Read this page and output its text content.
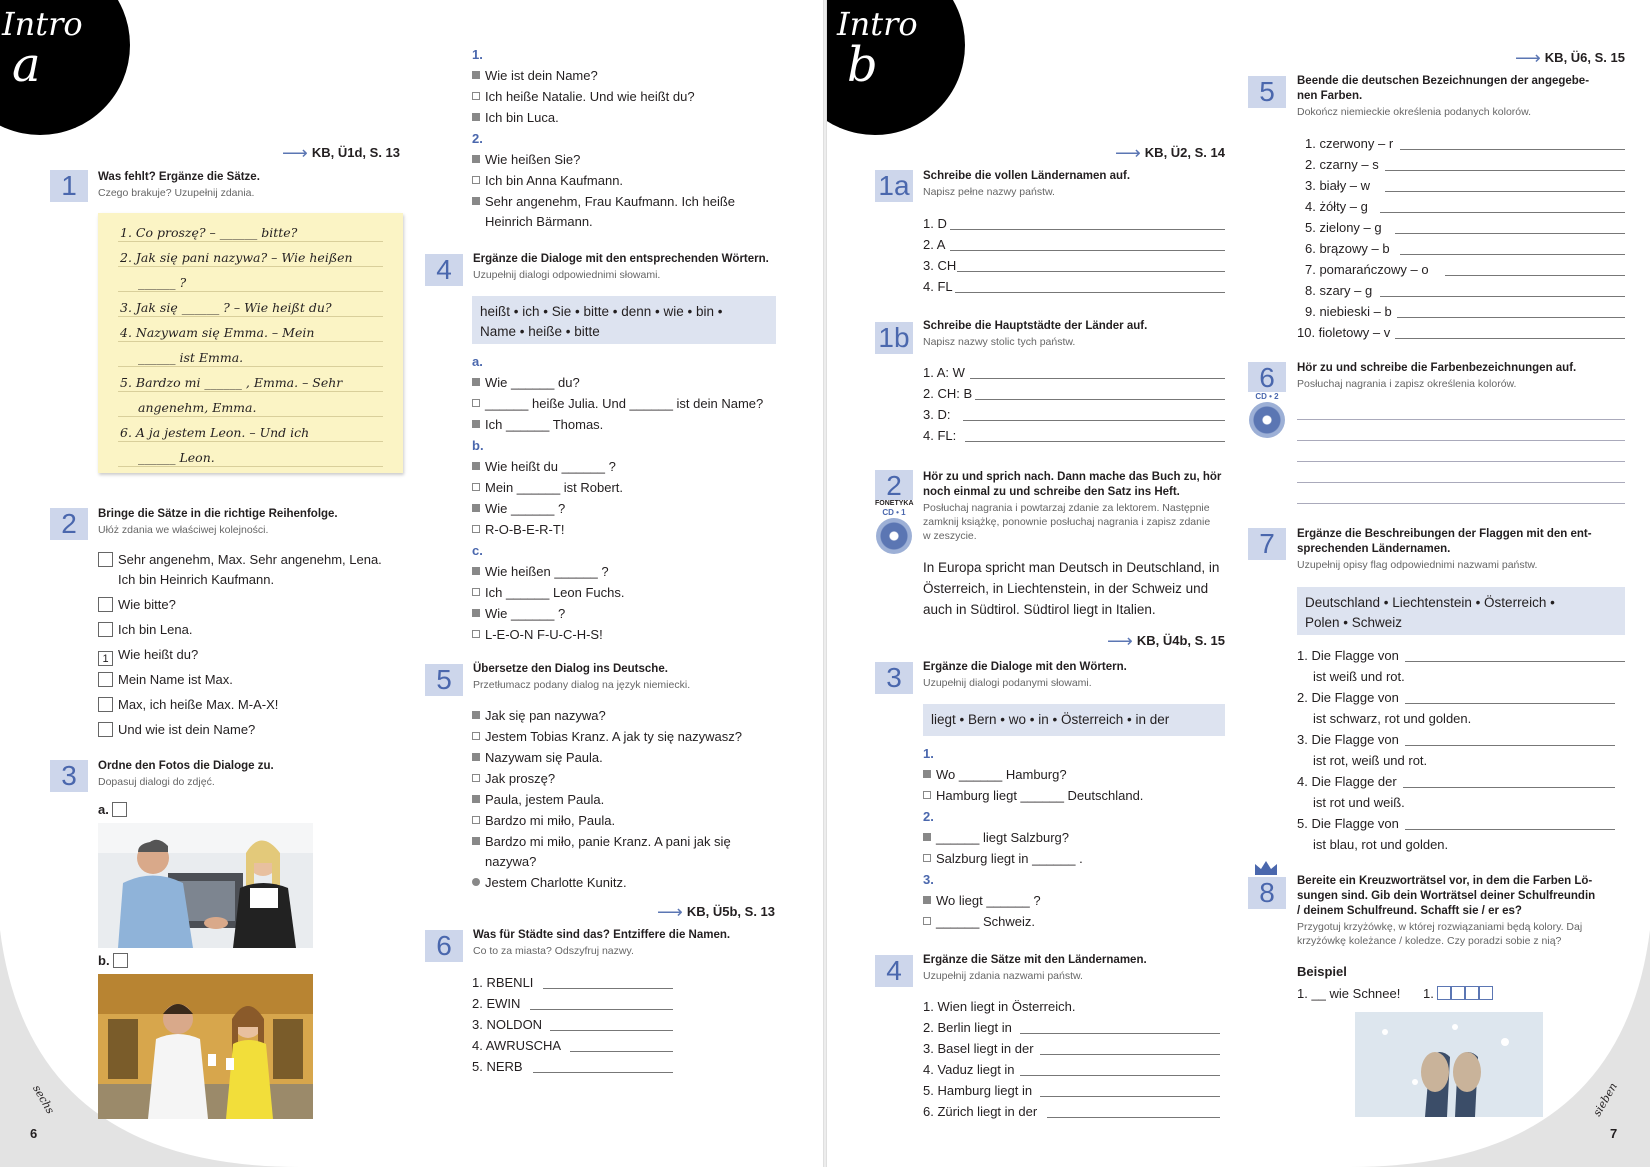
Intro
a
⟶ KB, Ü1d, S. 13
1	Was fehlt? Ergänze die Sätze.
Czego brakuje? Uzupełnij zdania.
1. Co proszę? – ______ bitte?
2. Jak się pani nazywa? – Wie heißen
______ ?
3. Jak się ______ ? – Wie heißt du?
4. Nazywam się Emma. – Mein
______ ist Emma.
5. Bardzo mi ______ , Emma. – Sehr
angenehm, Emma.
6. A ja jestem Leon. – Und ich
______ Leon.
2	Bringe die Sätze in die richtige Reihenfolge.
Ułóż zdania we właściwej kolejności.
Sehr angenehm, Max. Sehr angenehm, Lena.
Ich bin Heinrich Kaufmann.
Wie bitte?
Ich bin Lena.
1 Wie heißt du?
Mein Name ist Max.
Max, ich heiße Max. M-A-X!
Und wie ist dein Name?
3	Ordne den Fotos die Dialoge zu.
Dopasuj dialogi do zdjęć.
a.
b.
sechs
6
1.
Wie ist dein Name?
Ich heiße Natalie. Und wie heißt du?
Ich bin Luca.
2.
Wie heißen Sie?
Ich bin Anna Kaufmann.
Sehr angenehm, Frau Kaufmann. Ich heiße
Heinrich Bärmann.
4	Ergänze die Dialoge mit den entsprechenden Wörtern.
Uzupełnij dialogi odpowiednimi słowami.
heißt • ich • Sie • bitte • denn • wie • bin •
Name • heiße • bitte
a.
Wie ______ du?
______ heiße Julia. Und ______ ist dein Name?
Ich ______ Thomas.
b.
Wie heißt du ______ ?
Mein ______ ist Robert.
Wie ______ ?
R-O-B-E-R-T!
c.
Wie heißen ______ ?
Ich ______ Leon Fuchs.
Wie ______ ?
L-E-O-N F-U-C-H-S!
5	Übersetze den Dialog ins Deutsche.
Przetłumacz podany dialog na język niemiecki.
Jak się pan nazywa?
Jestem Tobias Kranz. A jak ty się nazywasz?
Nazywam się Paula.
Jak proszę?
Paula, jestem Paula.
Bardzo mi miło, Paula.
Bardzo mi miło, panie Kranz. A pani jak się
nazywa?
Jestem Charlotte Kunitz.
⟶ KB, Ü5b, S. 13
6	Was für Städte sind das? Entziffere die Namen.
Co to za miasta? Odszyfruj nazwy.
1. RBENLI
2. EWIN
3. NOLDON
4. AWRUSCHA
5. NERB
Intro
b
⟶ KB, Ü2, S. 14
1a Schreibe die vollen Ländernamen auf.
Napisz pełne nazwy państw.
1. D
2. A
3. CH
4. FL
1b Schreibe die Hauptstädte der Länder auf.
Napisz nazwy stolic tych państw.
1. A: W
2. CH: B
3. D:
4. FL:
2
FONETYKA
CD • 1
Hör zu und sprich nach. Dann mache das Buch zu, hör
noch einmal zu und schreibe den Satz ins Heft.
Posłuchaj nagrania i powtarzaj zdanie za lektorem. Następnie
zamknij książkę, ponownie posłuchaj nagrania i zapisz zdanie
w zeszycie.
In Europa spricht man Deutsch in Deutschland, in
Österreich, in Liechtenstein, in der Schweiz und
auch in Südtirol. Südtirol liegt in Italien.
⟶ KB, Ü4b, S. 15
3	Ergänze die Dialoge mit den Wörtern.
Uzupełnij dialogi podanymi słowami.
liegt • Bern • wo • in • Österreich • in der
1.
Wo ______ Hamburg?
Hamburg liegt ______ Deutschland.
2.
______ liegt Salzburg?
Salzburg liegt in ______ .
3.
Wo liegt ______ ?
______ Schweiz.
4	Ergänze die Sätze mit den Ländernamen.
Uzupełnij zdania nazwami państw.
1. Wien liegt in Österreich.
2. Berlin liegt in
3. Basel liegt in der
4. Vaduz liegt in
5. Hamburg liegt in
6. Zürich liegt in der
⟶ KB, Ü6, S. 15
5	Beende die deutschen Bezeichnungen der angegebe-
nen Farben.
Dokończ niemieckie określenia podanych kolorów.
1. czerwony – r
2. czarny – s
3. biały – w
4. żółty – g
5. zielony – g
6. brązowy – b
7. pomarańczowy – o
8. szary – g
9. niebieski – b
10. fioletowy – v
6
CD • 2
Hör zu und schreibe die Farbenbezeichnungen auf.
Posłuchaj nagrania i zapisz określenia kolorów.
7	Ergänze die Beschreibungen der Flaggen mit den ent-
sprechenden Ländernamen.
Uzupełnij opisy flag odpowiednimi nazwami państw.
Deutschland • Liechtenstein • Österreich •
Polen • Schweiz
1. Die Flagge von
ist weiß und rot.
2. Die Flagge von
ist schwarz, rot und golden.
3. Die Flagge von
ist rot, weiß und rot.
4. Die Flagge der
ist rot und weiß.
5. Die Flagge von
ist blau, rot und golden.
8	Bereite ein Kreuzworträtsel vor, in dem die Farben Lö-
sungen sind. Gib dein Worträtsel deiner Schulfreundin
/ deinem Schulfreund. Schafft sie / er es?
Przygotuj krzyżówkę, w której rozwiązaniami będą kolory. Daj
krzyżówkę koleżance / koledze. Czy poradzi sobie z nią?
Beispiel
1. __ wie Schnee! 1.
sieben
7
